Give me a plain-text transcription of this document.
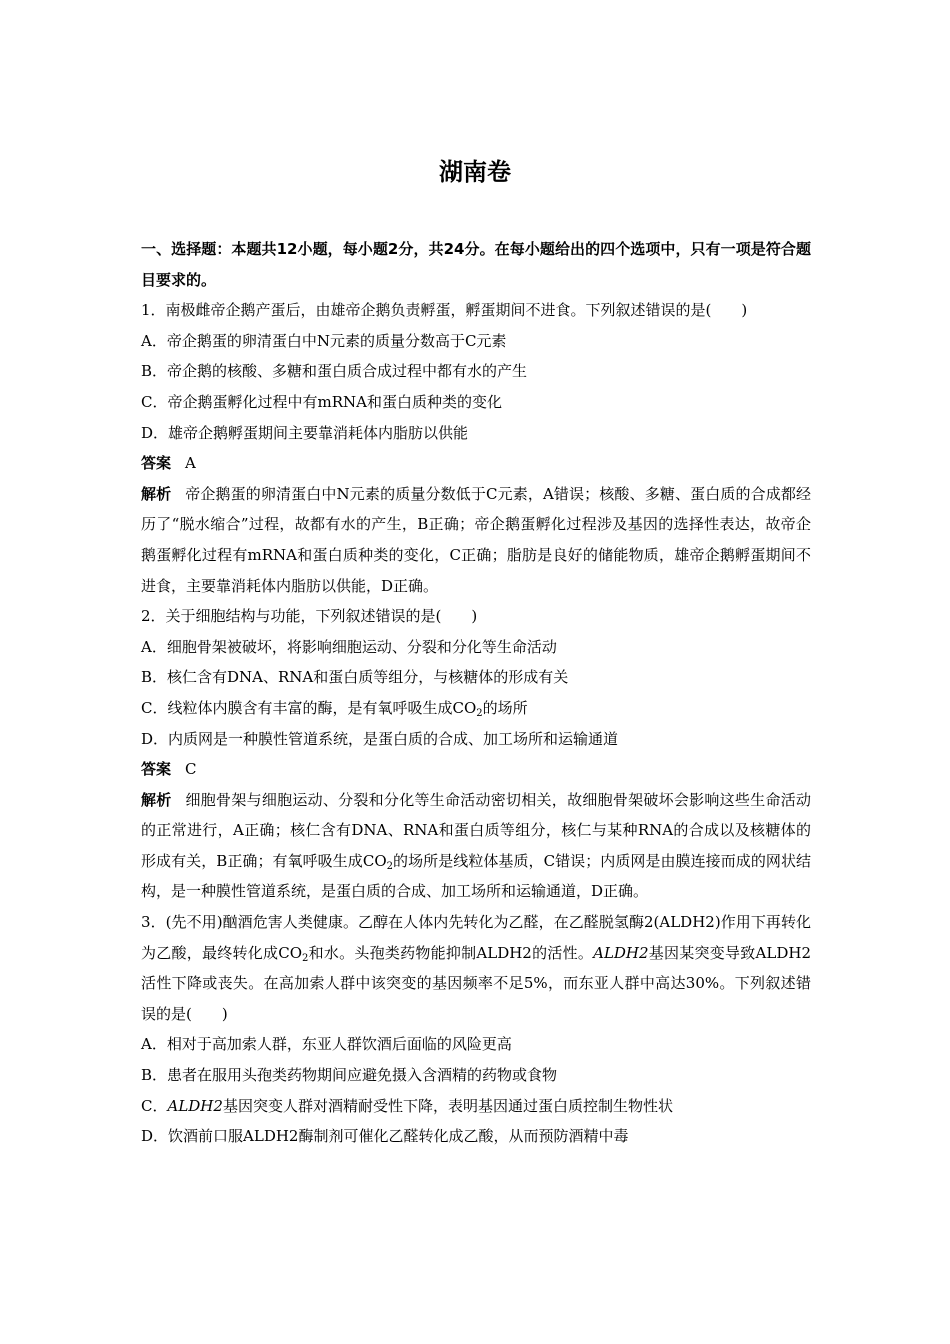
湖南卷

一、选择题：本题共12小题，每小题2分，共24分。在每小题给出的四个选项中，只有一项是符合题目要求的。

1．南极雌帝企鹅产蛋后，由雄帝企鹅负责孵蛋，孵蛋期间不进食。下列叙述错误的是(　　)

A．帝企鹅蛋的卵清蛋白中N元素的质量分数高于C元素

B．帝企鹅的核酸、多糖和蛋白质合成过程中都有水的产生

C．帝企鹅蛋孵化过程中有mRNA和蛋白质种类的变化

D．雄帝企鹅孵蛋期间主要靠消耗体内脂肪以供能

答案 A

解析 帝企鹅蛋的卵清蛋白中N元素的质量分数低于C元素，A错误；核酸、多糖、蛋白质的合成都经历了“脱水缩合”过程，故都有水的产生，B正确；帝企鹅蛋孵化过程涉及基因的选择性表达，故帝企鹅蛋孵化过程有mRNA和蛋白质种类的变化，C正确；脂肪是良好的储能物质，雄帝企鹅孵蛋期间不进食，主要靠消耗体内脂肪以供能，D正确。

2．关于细胞结构与功能，下列叙述错误的是(　　)

A．细胞骨架被破坏，将影响细胞运动、分裂和分化等生命活动

B．核仁含有DNA、RNA和蛋白质等组分，与核糖体的形成有关

C．线粒体内膜含有丰富的酶，是有氧呼吸生成$CO_2$的场所

D．内质网是一种膜性管道系统，是蛋白质的合成、加工场所和运输通道

答案 C

解析 细胞骨架与细胞运动、分裂和分化等生命活动密切相关，故细胞骨架破坏会影响这些生命活动的正常进行，A正确；核仁含有DNA、RNA和蛋白质等组分，核仁与某种RNA的合成以及核糖体的形成有关，B正确；有氧呼吸生成$CO_2$的场所是线粒体基质，C错误；内质网是由膜连接而成的网状结构，是一种膜性管道系统，是蛋白质的合成、加工场所和运输通道，D正确。

3．(先不用)酗酒危害人类健康。乙醇在人体内先转化为乙醛，在乙醛脱氢酶2(ALDH2)作用下再转化为乙酸，最终转化成$CO_2$和水。头孢类药物能抑制ALDH2的活性。ALDH2基因某突变导致ALDH2活性下降或丧失。在高加索人群中该突变的基因频率不足5%，而东亚人群中高达30%。下列叙述错误的是(　　)

A．相对于高加索人群，东亚人群饮酒后面临的风险更高

B．患者在服用头孢类药物期间应避免摄入含酒精的药物或食物

C．ALDH2基因突变人群对酒精耐受性下降，表明基因通过蛋白质控制生物性状

D．饮酒前口服ALDH2酶制剂可催化乙醛转化成乙酸，从而预防酒精中毒
